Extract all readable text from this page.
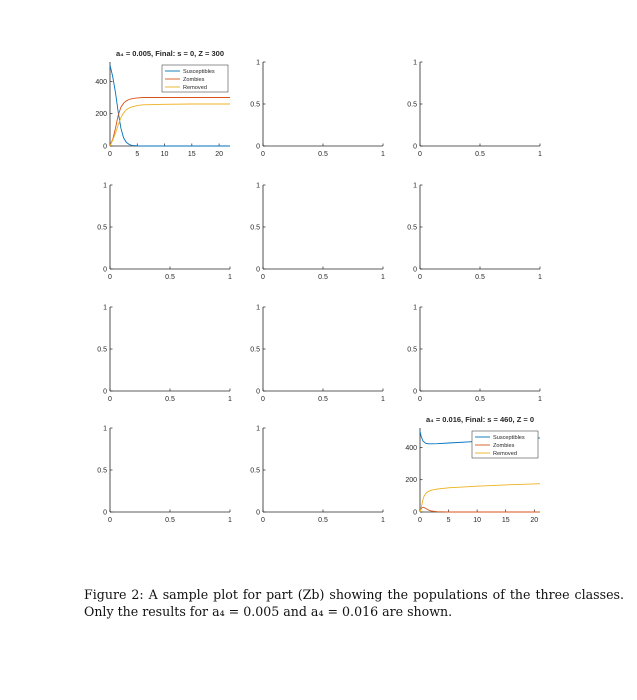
0	5	10	15	20
0
200
400
a₄ = 0.005, Final: s = 0, Z = 300
Susceptibles
Zombies
Removed
0	0.5	1
0
0.5
1
0	0.5	1
0
0.5
1
0	0.5	1
0
0.5
1
0	0.5	1
0
0.5
1
0	0.5	1
0
0.5
1
0	0.5	1
0
0.5
1
0	0.5	1
0
0.5
1
0	0.5	1
0
0.5
1
0	0.5	1
0
0.5
1
0	0.5	1
0
0.5
1
0	5	10	15	20
0
200
400
a₄ = 0.016, Final: s = 460, Z = 0
Susceptibles
Zombies
Removed
Figure 2: A sample plot for part (Zb) showing the populations of the three classes. Only the results for a₄ = 0.005 and a₄ = 0.016 are shown.
